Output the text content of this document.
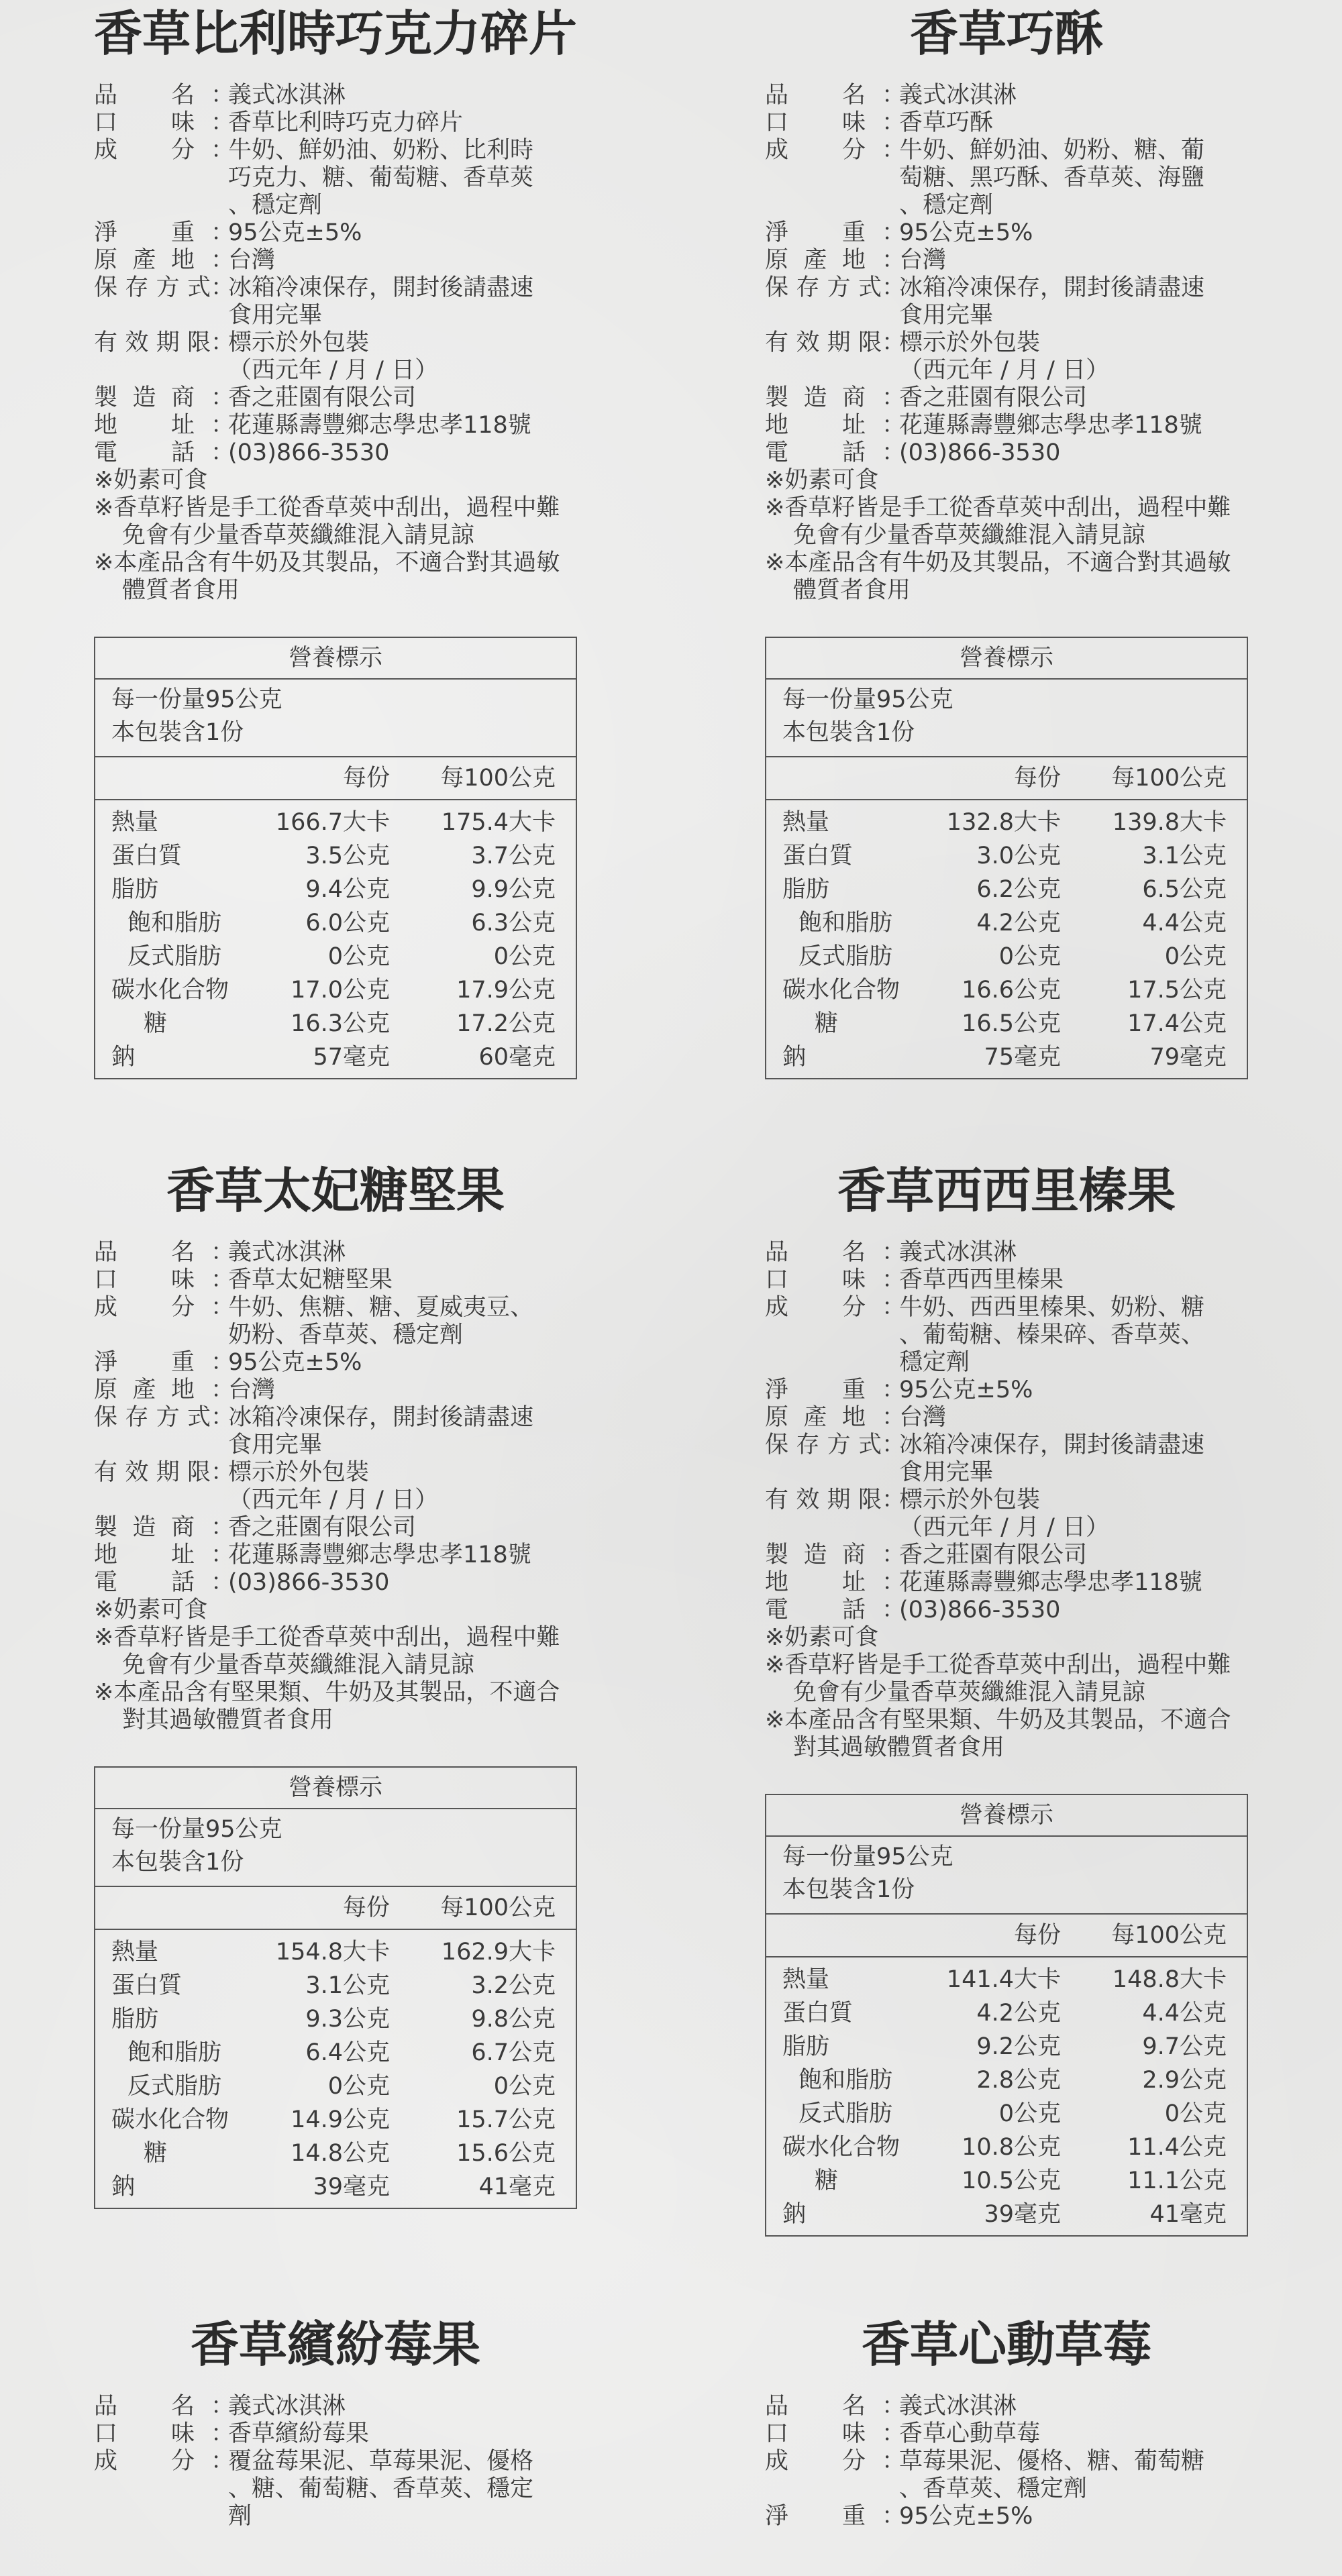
香草比利時巧克力碎片
品 名 ：
義式冰淇淋
口 味 ：
香草比利時巧克力碎片
成 分 ：
牛奶、鮮奶油、奶粉、比利時
巧克力、糖、葡萄糖、香草莢
、穩定劑
淨 重 ：
95公克±5%
原 產 地 ：
台灣
保 存 方 式 ：
冰箱冷凍保存，開封後請盡速
食用完畢
有 效 期 限 ：
標示於外包裝
（西元年 / 月 / 日）
製 造 商 ：
香之莊園有限公司
地 址 ：
花蓮縣壽豐鄉志學忠孝118號
電 話 ：
(03)866-3530
※奶素可食
※香草籽皆是手工從香草莢中刮出，過程中難免會有少量香草莢纖維混入請見諒
※本產品含有牛奶及其製品，不適合對其過敏體質者食用
營養標示
每一份量95公克
本包裝含1份
每份	每100公克
熱量	166.7大卡	175.4大卡
蛋白質	3.5公克	3.7公克
脂肪	9.4公克	9.9公克
飽和脂肪	6.0公克	6.3公克
反式脂肪	0公克	0公克
碳水化合物	17.0公克	17.9公克
糖	16.3公克	17.2公克
鈉	57毫克	60毫克
香草巧酥
品 名 ：
義式冰淇淋
口 味 ：
香草巧酥
成 分 ：
牛奶、鮮奶油、奶粉、糖、葡
萄糖、黑巧酥、香草莢、海鹽
、穩定劑
淨 重 ：
95公克±5%
原 產 地 ：
台灣
保 存 方 式 ：
冰箱冷凍保存，開封後請盡速
食用完畢
有 效 期 限 ：
標示於外包裝
（西元年 / 月 / 日）
製 造 商 ：
香之莊園有限公司
地 址 ：
花蓮縣壽豐鄉志學忠孝118號
電 話 ：
(03)866-3530
※奶素可食
※香草籽皆是手工從香草莢中刮出，過程中難免會有少量香草莢纖維混入請見諒
※本產品含有牛奶及其製品，不適合對其過敏體質者食用
營養標示
每一份量95公克
本包裝含1份
每份	每100公克
熱量	132.8大卡	139.8大卡
蛋白質	3.0公克	3.1公克
脂肪	6.2公克	6.5公克
飽和脂肪	4.2公克	4.4公克
反式脂肪	0公克	0公克
碳水化合物	16.6公克	17.5公克
糖	16.5公克	17.4公克
鈉	75毫克	79毫克
香草太妃糖堅果
品 名 ：
義式冰淇淋
口 味 ：
香草太妃糖堅果
成 分 ：
牛奶、焦糖、糖、夏威夷豆、
奶粉、香草莢、穩定劑
淨 重 ：
95公克±5%
原 產 地 ：
台灣
保 存 方 式 ：
冰箱冷凍保存，開封後請盡速
食用完畢
有 效 期 限 ：
標示於外包裝
（西元年 / 月 / 日）
製 造 商 ：
香之莊園有限公司
地 址 ：
花蓮縣壽豐鄉志學忠孝118號
電 話 ：
(03)866-3530
※奶素可食
※香草籽皆是手工從香草莢中刮出，過程中難免會有少量香草莢纖維混入請見諒
※本產品含有堅果類、牛奶及其製品，不適合對其過敏體質者食用
營養標示
每一份量95公克
本包裝含1份
每份	每100公克
熱量	154.8大卡	162.9大卡
蛋白質	3.1公克	3.2公克
脂肪	9.3公克	9.8公克
飽和脂肪	6.4公克	6.7公克
反式脂肪	0公克	0公克
碳水化合物	14.9公克	15.7公克
糖	14.8公克	15.6公克
鈉	39毫克	41毫克
香草西西里榛果
品 名 ：
義式冰淇淋
口 味 ：
香草西西里榛果
成 分 ：
牛奶、西西里榛果、奶粉、糖
、葡萄糖、榛果碎、香草莢、
穩定劑
淨 重 ：
95公克±5%
原 產 地 ：
台灣
保 存 方 式 ：
冰箱冷凍保存，開封後請盡速
食用完畢
有 效 期 限 ：
標示於外包裝
（西元年 / 月 / 日）
製 造 商 ：
香之莊園有限公司
地 址 ：
花蓮縣壽豐鄉志學忠孝118號
電 話 ：
(03)866-3530
※奶素可食
※香草籽皆是手工從香草莢中刮出，過程中難免會有少量香草莢纖維混入請見諒
※本產品含有堅果類、牛奶及其製品，不適合對其過敏體質者食用
營養標示
每一份量95公克
本包裝含1份
每份	每100公克
熱量	141.4大卡	148.8大卡
蛋白質	4.2公克	4.4公克
脂肪	9.2公克	9.7公克
飽和脂肪	2.8公克	2.9公克
反式脂肪	0公克	0公克
碳水化合物	10.8公克	11.4公克
糖	10.5公克	11.1公克
鈉	39毫克	41毫克
香草繽紛莓果
品 名 ：
義式冰淇淋
口 味 ：
香草繽紛莓果
成 分 ：
覆盆莓果泥、草莓果泥、優格
、糖、葡萄糖、香草莢、穩定
劑
香草心動草莓
品 名 ：
義式冰淇淋
口 味 ：
香草心動草莓
成 分 ：
草莓果泥、優格、糖、葡萄糖
、香草莢、穩定劑
淨 重 ：
95公克±5%
